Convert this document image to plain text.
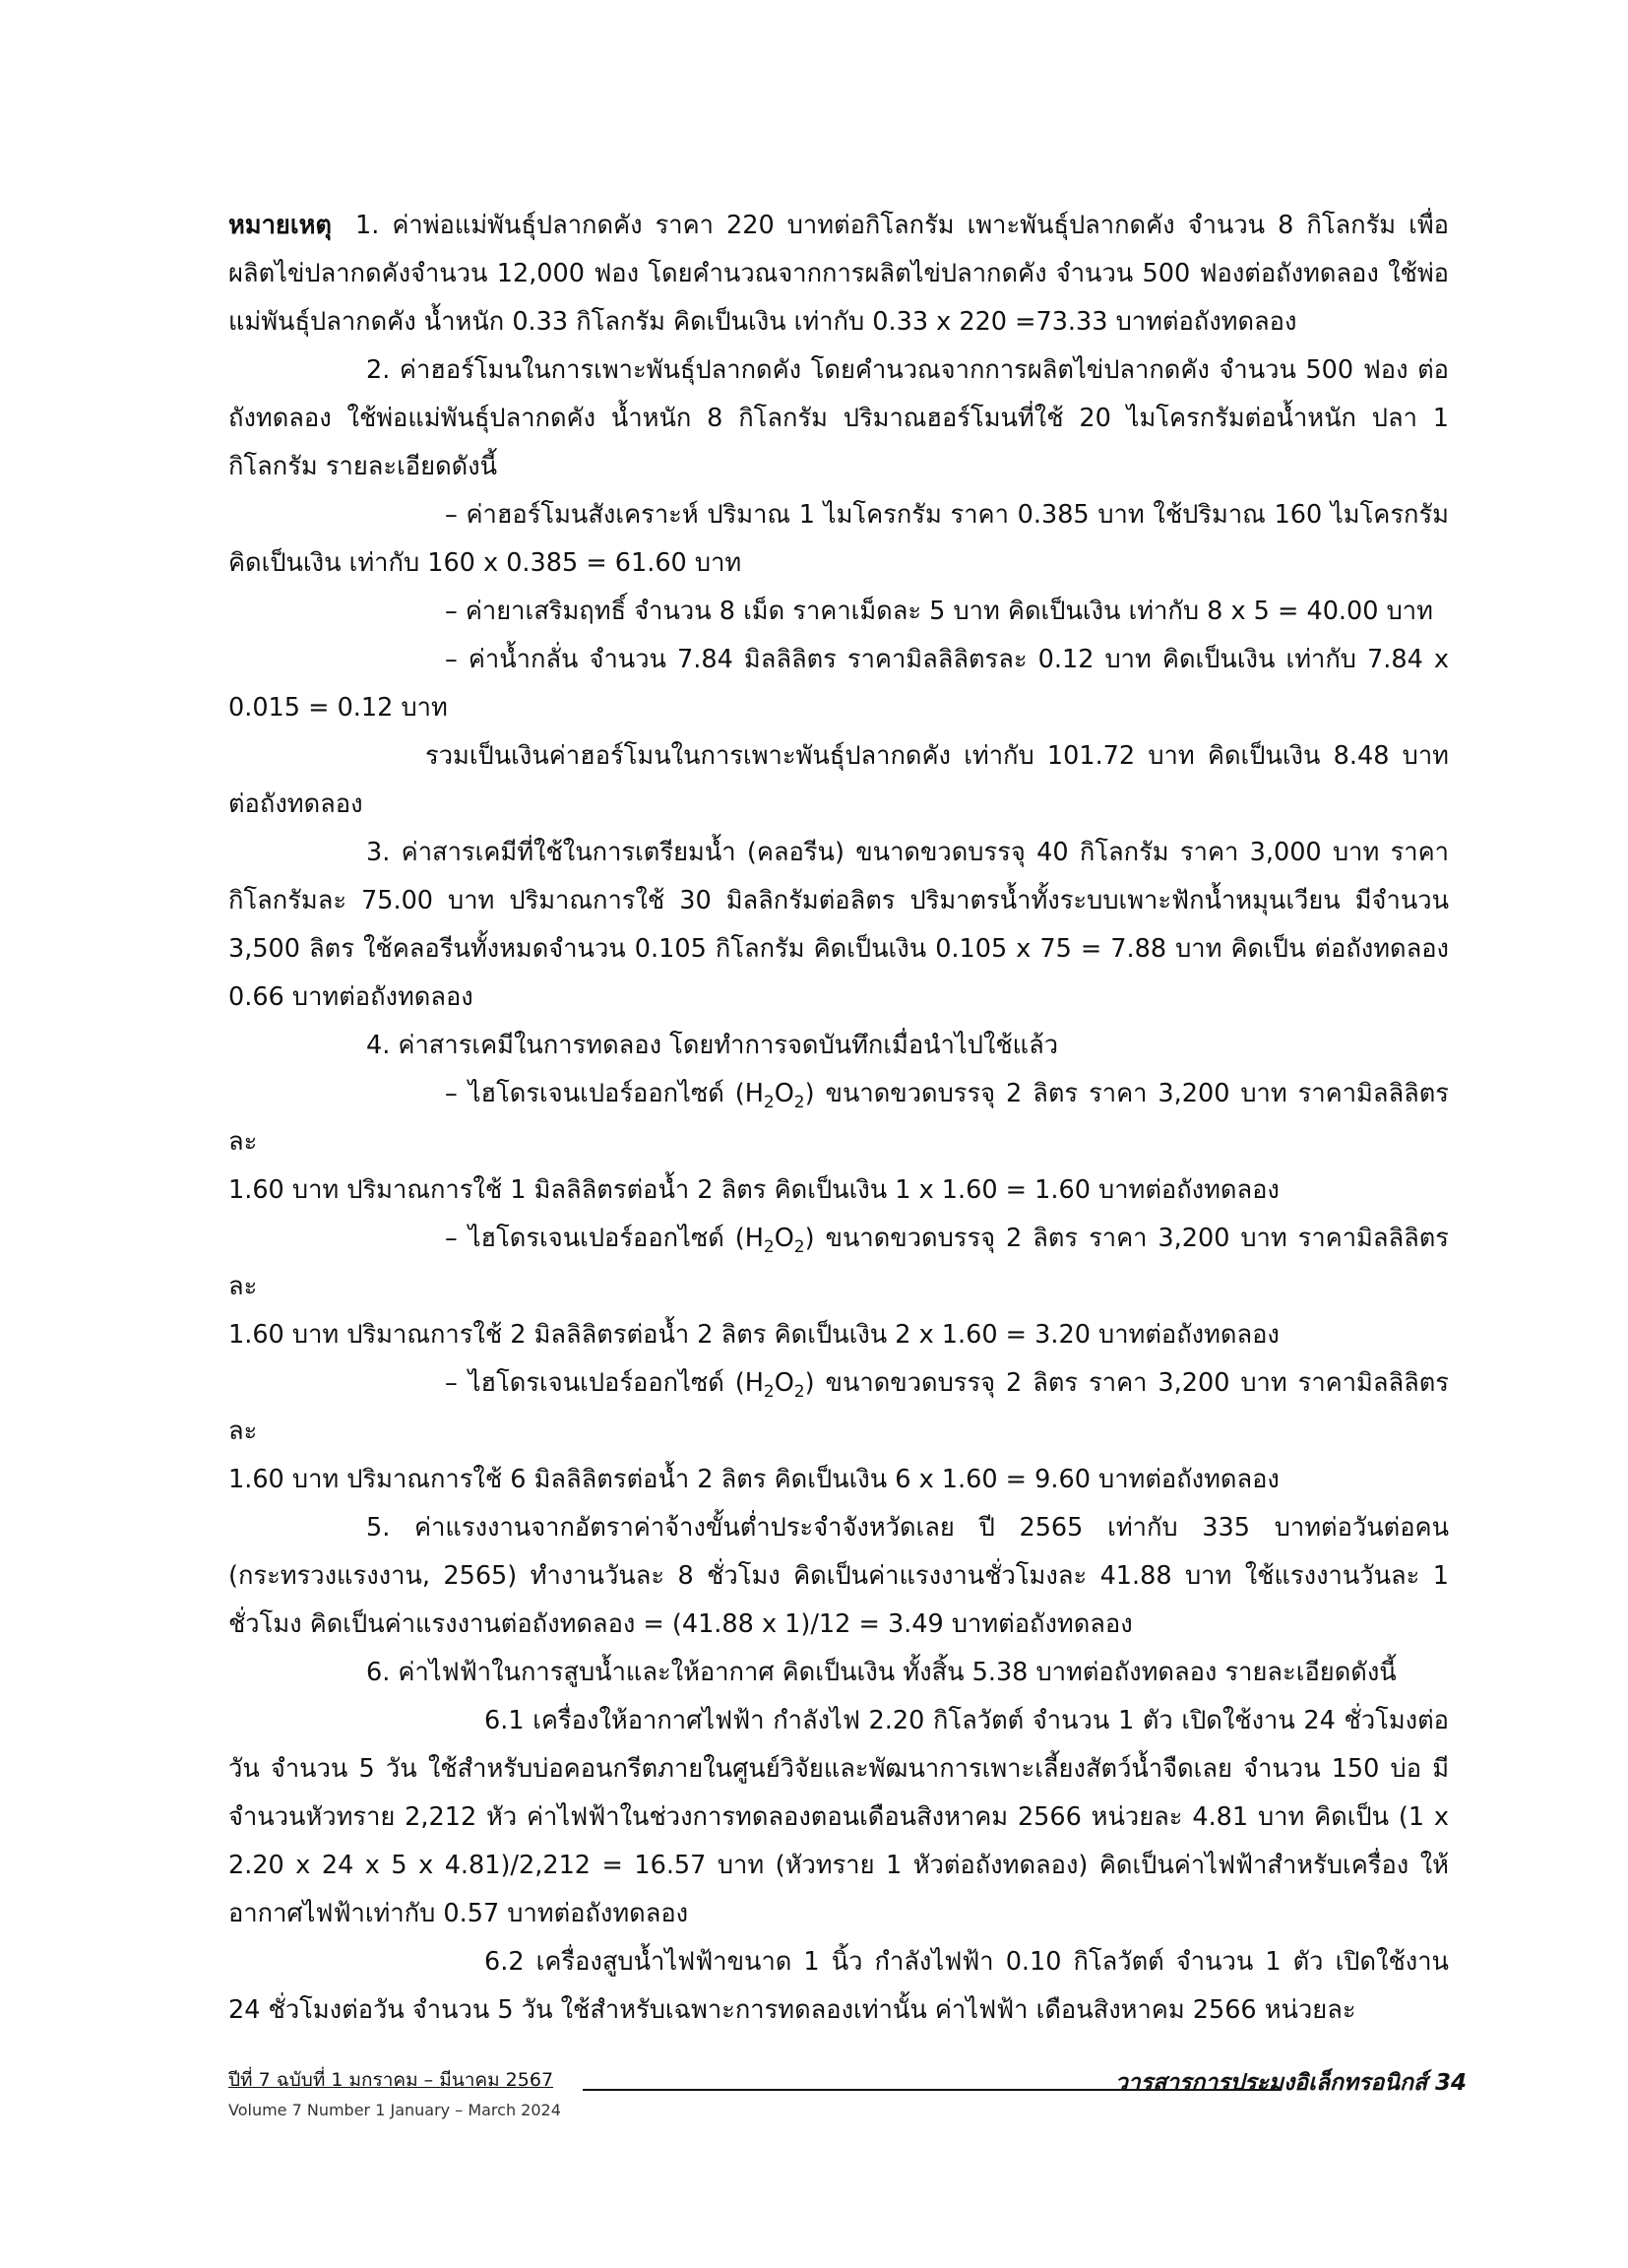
หมายเหตุ 1. ค่าพ่อแม่พันธุ์ปลากดคัง ราคา 220 บาทต่อกิโลกรัม เพาะพันธุ์ปลากดคัง จำนวน 8 กิโลกรัม เพื่อผลิตไข่ปลากดคังจำนวน 12,000 ฟอง โดยคำนวณจากการผลิตไข่ปลากดคัง จำนวน 500 ฟองต่อถังทดลอง ใช้พ่อแม่พันธุ์ปลากดคัง น้ำหนัก 0.33 กิโลกรัม คิดเป็นเงิน เท่ากับ 0.33 x 220 =73.33 บาทต่อถังทดลอง

2. ค่าฮอร์โมนในการเพาะพันธุ์ปลากดคัง โดยคำนวณจากการผลิตไข่ปลากดคัง จำนวน 500 ฟอง ต่อถังทดลอง ใช้พ่อแม่พันธุ์ปลากดคัง น้ำหนัก 8 กิโลกรัม ปริมาณฮอร์โมนที่ใช้ 20 ไมโครกรัมต่อน้ำหนัก ปลา 1 กิโลกรัม รายละเอียดดังนี้

– ค่าฮอร์โมนสังเคราะห์ ปริมาณ 1 ไมโครกรัม ราคา 0.385 บาท ใช้ปริมาณ 160 ไมโครกรัม คิดเป็นเงิน เท่ากับ 160 x 0.385 = 61.60 บาท

– ค่ายาเสริมฤทธิ์ จำนวน 8 เม็ด ราคาเม็ดละ 5 บาท คิดเป็นเงิน เท่ากับ 8 x 5 = 40.00 บาท

– ค่าน้ำกลั่น จำนวน 7.84 มิลลิลิตร ราคามิลลิลิตรละ 0.12 บาท คิดเป็นเงิน เท่ากับ 7.84 x 0.015 = 0.12 บาท

รวมเป็นเงินค่าฮอร์โมนในการเพาะพันธุ์ปลากดคัง เท่ากับ 101.72 บาท คิดเป็นเงิน 8.48 บาท ต่อถังทดลอง

3. ค่าสารเคมีที่ใช้ในการเตรียมน้ำ (คลอรีน) ขนาดขวดบรรจุ 40 กิโลกรัม ราคา 3,000 บาท ราคากิโลกรัมละ 75.00 บาท ปริมาณการใช้ 30 มิลลิกรัมต่อลิตร ปริมาตรน้ำทั้งระบบเพาะฟักน้ำหมุนเวียน มีจำนวน 3,500 ลิตร ใช้คลอรีนทั้งหมดจำนวน 0.105 กิโลกรัม คิดเป็นเงิน 0.105 x 75 = 7.88 บาท คิดเป็น ต่อถังทดลอง 0.66 บาทต่อถังทดลอง

4. ค่าสารเคมีในการทดลอง โดยทำการจดบันทึกเมื่อนำไปใช้แล้ว

– ไฮโดรเจนเปอร์ออกไซด์ $(H_2O_2)$ ขนาดขวดบรรจุ 2 ลิตร ราคา 3,200 บาท ราคามิลลิลิตรละ
1.60 บาท ปริมาณการใช้ 1 มิลลิลิตรต่อน้ำ 2 ลิตร คิดเป็นเงิน 1 x 1.60 = 1.60 บาทต่อถังทดลอง

– ไฮโดรเจนเปอร์ออกไซด์ $(H_2O_2)$ ขนาดขวดบรรจุ 2 ลิตร ราคา 3,200 บาท ราคามิลลิลิตรละ
1.60 บาท ปริมาณการใช้ 2 มิลลิลิตรต่อน้ำ 2 ลิตร คิดเป็นเงิน 2 x 1.60 = 3.20 บาทต่อถังทดลอง

– ไฮโดรเจนเปอร์ออกไซด์ $(H_2O_2)$ ขนาดขวดบรรจุ 2 ลิตร ราคา 3,200 บาท ราคามิลลิลิตรละ
1.60 บาท ปริมาณการใช้ 6 มิลลิลิตรต่อน้ำ 2 ลิตร คิดเป็นเงิน 6 x 1.60 = 9.60 บาทต่อถังทดลอง

5. ค่าแรงงานจากอัตราค่าจ้างขั้นต่ำประจำจังหวัดเลย ปี 2565 เท่ากับ 335 บาทต่อวันต่อคน (กระทรวงแรงงาน, 2565) ทำงานวันละ 8 ชั่วโมง คิดเป็นค่าแรงงานชั่วโมงละ 41.88 บาท ใช้แรงงานวันละ 1 ชั่วโมง คิดเป็นค่าแรงงานต่อถังทดลอง = (41.88 x 1)/12 = 3.49 บาทต่อถังทดลอง

6. ค่าไฟฟ้าในการสูบน้ำและให้อากาศ คิดเป็นเงิน ทั้งสิ้น 5.38 บาทต่อถังทดลอง รายละเอียดดังนี้

6.1 เครื่องให้อากาศไฟฟ้า กำลังไฟ 2.20 กิโลวัตต์ จำนวน 1 ตัว เปิดใช้งาน 24 ชั่วโมงต่อวัน จำนวน 5 วัน ใช้สำหรับบ่อคอนกรีตภายในศูนย์วิจัยและพัฒนาการเพาะเลี้ยงสัตว์น้ำจืดเลย จำนวน 150 บ่อ มีจำนวนหัวทราย 2,212 หัว ค่าไฟฟ้าในช่วงการทดลองตอนเดือนสิงหาคม 2566 หน่วยละ 4.81 บาท คิดเป็น (1 x 2.20 x 24 x 5 x 4.81)/2,212 = 16.57 บาท (หัวทราย 1 หัวต่อถังทดลอง) คิดเป็นค่าไฟฟ้าสำหรับเครื่อง ให้อากาศไฟฟ้าเท่ากับ 0.57 บาทต่อถังทดลอง

6.2 เครื่องสูบน้ำไฟฟ้าขนาด 1 นิ้ว กำลังไฟฟ้า 0.10 กิโลวัตต์ จำนวน 1 ตัว เปิดใช้งาน 24 ชั่วโมงต่อวัน จำนวน 5 วัน ใช้สำหรับเฉพาะการทดลองเท่านั้น ค่าไฟฟ้า เดือนสิงหาคม 2566 หน่วยละ

ปีที่ 7 ฉบับที่ 1 มกราคม – มีนาคม 2567	วารสารการประมงอิเล็กทรอนิกส์ 34
Volume 7 Number 1 January – March 2024
